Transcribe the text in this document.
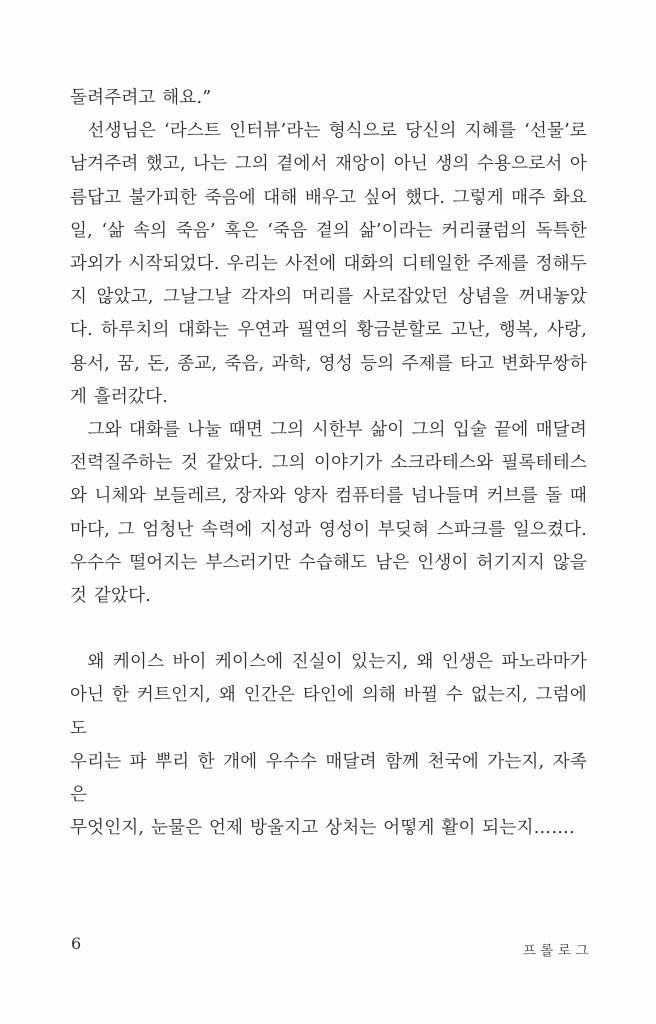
돌려주려고 해요.”
선생님은 ‘라스트 인터뷰’라는 형식으로 당신의 지혜를 ‘선물’로
남겨주려 했고, 나는 그의 곁에서 재앙이 아닌 생의 수용으로서 아
름답고 불가피한 죽음에 대해 배우고 싶어 했다. 그렇게 매주 화요
일, ‘삶 속의 죽음’ 혹은 ‘죽음 곁의 삶’이라는 커리큘럼의 독특한
과외가 시작되었다. 우리는 사전에 대화의 디테일한 주제를 정해두
지 않았고, 그날그날 각자의 머리를 사로잡았던 상념을 꺼내놓았
다. 하루치의 대화는 우연과 필연의 황금분할로 고난, 행복, 사랑,
용서, 꿈, 돈, 종교, 죽음, 과학, 영성 등의 주제를 타고 변화무쌍하
게 흘러갔다.
그와 대화를 나눌 때면 그의 시한부 삶이 그의 입술 끝에 매달려
전력질주하는 것 같았다. 그의 이야기가 소크라테스와 필록테테스
와 니체와 보들레르, 장자와 양자 컴퓨터를 넘나들며 커브를 돌 때
마다, 그 엄청난 속력에 지성과 영성이 부딪혀 스파크를 일으켰다.
우수수 떨어지는 부스러기만 수습해도 남은 인생이 허기지지 않을
것 같았다.
왜 케이스 바이 케이스에 진실이 있는지, 왜 인생은 파노라마가
아닌 한 커트인지, 왜 인간은 타인에 의해 바뀔 수 없는지, 그럼에도
우리는 파 뿌리 한 개에 우수수 매달려 함께 천국에 가는지, 자족은
무엇인지, 눈물은 언제 방울지고 상처는 어떻게 활이 되는지…….
6	프롤로그
